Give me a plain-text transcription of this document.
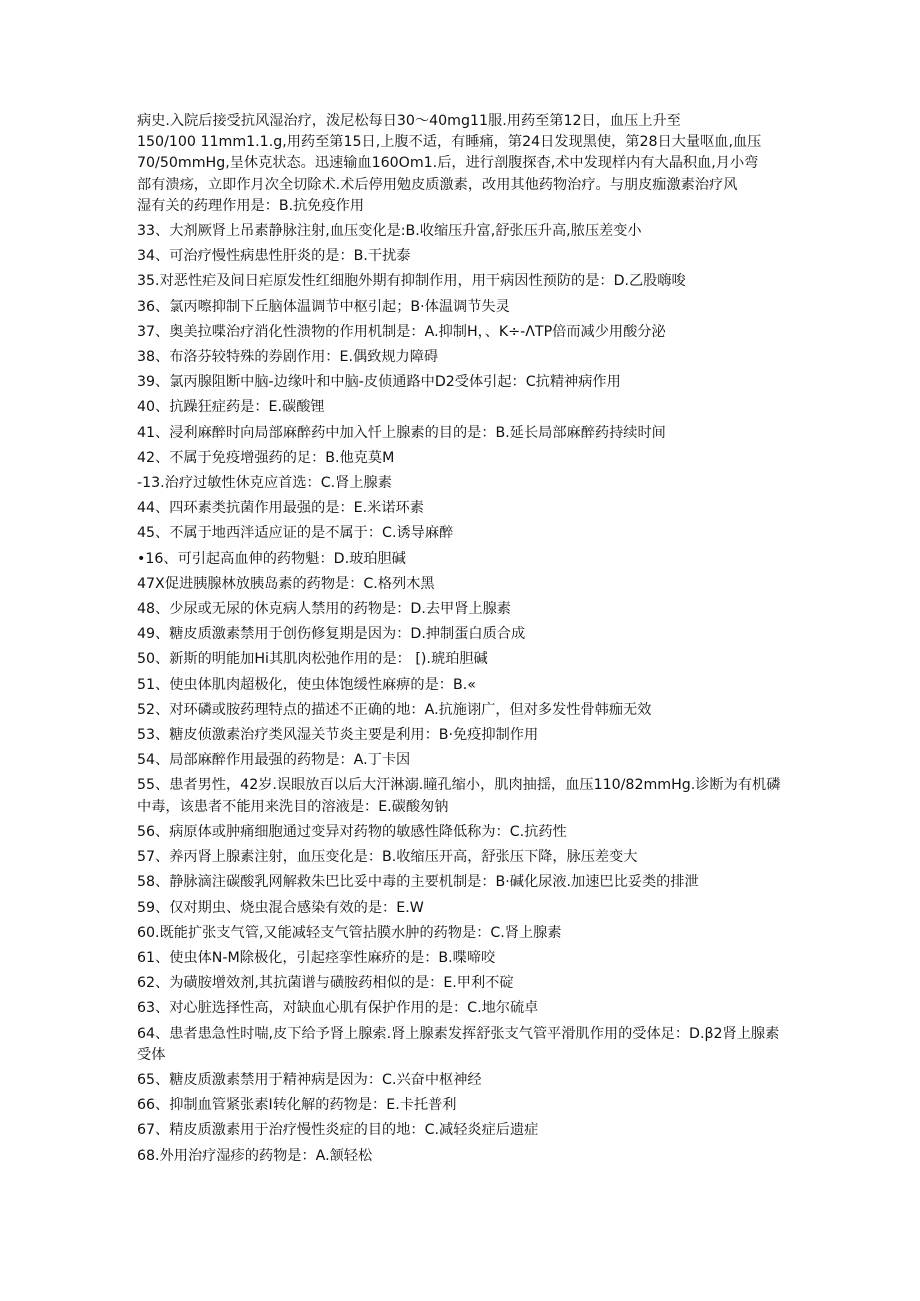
病史.入院后接受抗风湿治疗，泼尼松每日30～40mg11服.用药至第12日，血压上升至

150/100 11mm1.1.g,用药至第15日,上腹不适，有睡痛，第24日发现黑使，第28日大量呕血,血压

70/50mmHg,呈休克状态。迅速输血160Om1.后，进行剖腹探杳,术中发现样内有大晶积血,月小弯

部有溃疡，立即作月次全切除术.术后停用勉皮质激素，改用其他药物治疗。与朋皮痂激素治疗风

湿有关的药理作用是：B.抗免疫作用

33、大剂厥肾上吊素静脉注射,血压变化是:B.收缩压升富,舒张压升高,脓压差变小

34、可治疗慢性病患性肝炎的是：B.干扰泰

35.对恶性疟及间日疟原发性红细胞外期有抑制作用，用干病因性预防的是：D.乙股嗨唆

36、氯丙嚓抑制下丘脑体温调节中枢引起；B·体温调节失灵

37、奥美拉喋治疗消化性溃物的作用机制是：A.抑制H，、K÷-ΛTP倍而减少用酸分泌

38、布洛芬较特殊的券剧作用：E.偶致规力障碍

39、氯丙腺阻断中脑-边缘叶和中脑-皮侦通路中D2受体引起：C抗精神病作用

40、抗躁狂症药是：E.碳酸锂

41、浸利麻醉时向局部麻醉药中加入忏上腺素的目的是：B.延长局部麻醉药持续时间

42、不属于免疫增强药的足：B.他克莫M

-13.治疗过敏性休克应首选：C.肾上腺素

44、四环素类抗菌作用最强的是：E.米诺环素

45、不属于地西泮适应证的是不属于：C.诱导麻醉

•16、可引起高血伸的药物魁：D.玻珀胆碱

47X促进胰腺林放胰岛素的药物是：C.格列木黑

48、少尿或无尿的休克病人禁用的药物是：D.去甲肾上腺素

49、糖皮质激素禁用于创伤修复期是因为：D.抻制蛋白质合成

50、新斯的明能加Hi其肌肉松弛作用的是： [).琥珀胆碱

51、使虫体肌肉超极化，使虫体饱缓性麻痹的是：B.«

52、对环磷或胺药理特点的描述不正确的地：A.抗施诩广，但对多发性骨韩痂无效

53、糖皮侦激素治疗类风湿关节炎主要是利用：B·免疫抑制作用

54、局部麻醉作用最强的药物是：A.丁卡因

55、患者男性，42岁.误眼放百以后大汗淋溺.瞳孔缩小，肌肉抽揺，血压110/82mmHg.诊断为有机磷中毒，该患者不能用来洗目的溶液是：E.碳酸匆钠

56、病原体或肿痛细胞通过变异对药物的敏感性降低称为：C.抗药性

57、养丙肾上腺素注射，血压变化是：B.收缩压开高，舒张压下降，脉压差变大

58、静脉滴注碳酸乳网解救朱巴比妥中毒的主要机制是：B·碱化尿液.加速巴比妥类的排泄

59、仅对期虫、烧虫混合感染有效的是：E.W

60.既能扩张支气管,又能减轻支气管拈膜水肿的药物是：C.肾上腺素

61、使虫体N-M除极化，引起痉挛性麻疥的是：B.喋啼咬

62、为磺胺增效剂,其抗菌谱与磺胺药相似的是：E.甲利不碇

63、对心脏选择性高，对缺血心肌有保护作用的是：C.地尔硫卓

64、患者患急性时喘,皮下给予肾上腺索.肾上腺素发挥舒张支气管平滑肌作用的受体足：D.β2肾上腺素受体

65、糖皮质激素禁用于精神病是因为：C.兴奋中枢神经

66、抑制血管紧张素I转化解的药物是：E.卡托普利

67、精皮质激素用于治疗慢性炎症的目的地：C.减轻炎症后遗症

68.外用治疗湿疹的药物是：A.颔轻松
